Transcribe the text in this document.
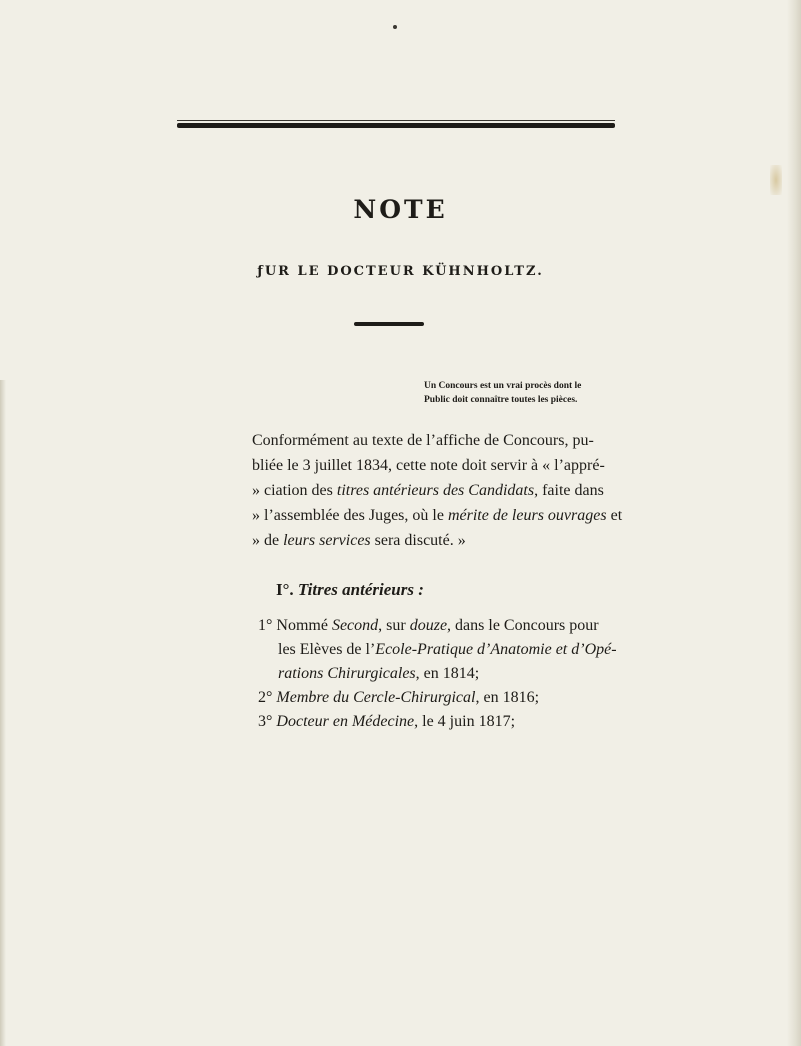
NOTE
ƒUR LE DOCTEUR KÜHNHOLTZ.
Un Concours est un vrai procès dont le
Public doit connaître toutes les pièces.
Conformément au texte de l’affiche de Concours, pu-
bliée le 3 juillet 1834, cette note doit servir à « l’appré-
» ciation des titres antérieurs des Candidats, faite dans
» l’assemblée des Juges, où le mérite de leurs ouvrages et
» de leurs services sera discuté. »
I°. Titres antérieurs :
1° Nommé Second, sur douze, dans le Concours pour
les Elèves de l’Ecole-Pratique d’Anatomie et d’Opé-
rations Chirurgicales, en 1814;
2° Membre du Cercle-Chirurgical, en 1816;
3° Docteur en Médecine, le 4 juin 1817;
